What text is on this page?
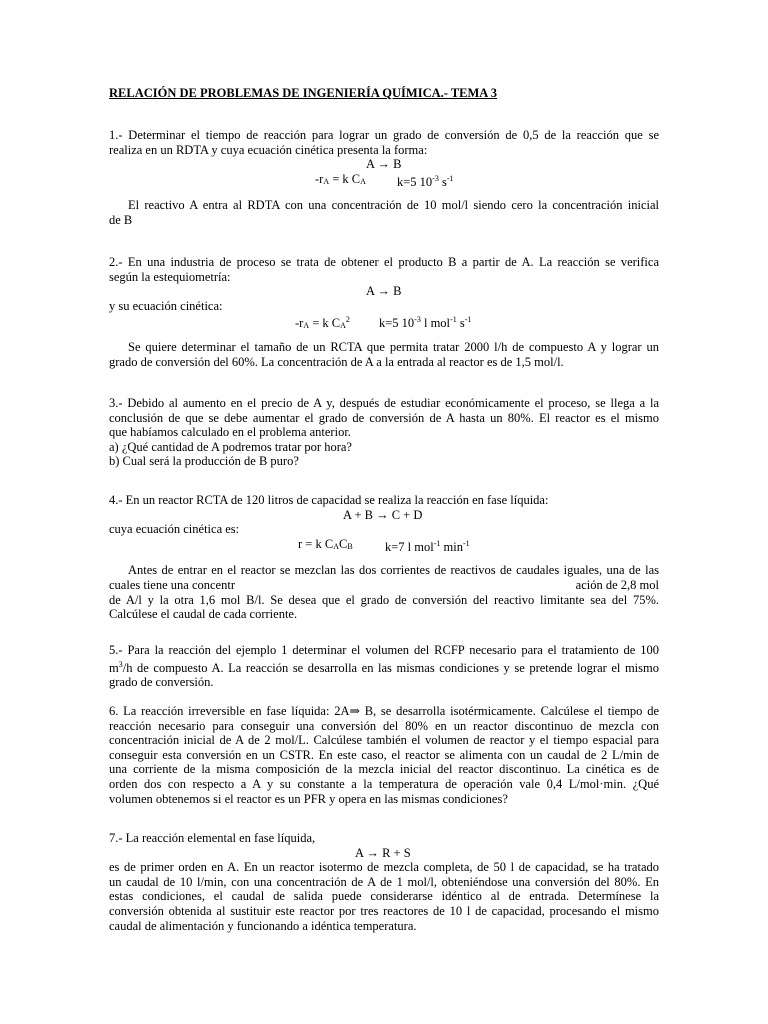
RELACIÓN DE PROBLEMAS DE INGENIERÍA QUÍMICA.- TEMA 3
1.- Determinar el tiempo de reacción para lograr un grado de conversión de 0,5 de la reacción que se
realiza en un RDTA y cuya ecuación cinética presenta la forma:
A → B
-rA = k CA k=5 $10^{-3}$ $s^{-1}$
El reactivo A entra al RDTA con una concentración de 10 mol/l siendo cero la concentración inicial
de B
2.- En una industria de proceso se trata de obtener el producto B a partir de A. La reacción se verifica
según la estequiometría:
A → B
y su ecuación cinética:
-rA = k $CA^2$ k=5 $10^{-3}$ l mol$^{-1}$ $s^{-1}$
Se quiere determinar el tamaño de un RCTA que permita tratar 2000 l/h de compuesto A y lograr un
grado de conversión del 60%. La concentración de A a la entrada al reactor es de 1,5 mol/l.
3.- Debido al aumento en el precio de A y, después de estudiar económicamente el proceso, se llega a la
conclusión de que se debe aumentar el grado de conversión de A hasta un 80%. El reactor es el mismo
que habíamos calculado en el problema anterior.
a) ¿Qué cantidad de A podremos tratar por hora?
b) Cual será la producción de B puro?
4.- En un reactor RCTA de 120 litros de capacidad se realiza la reacción en fase líquida:
A + B → C + D
cuya ecuación cinética es:
r = k CACB	k=7 l mol$^{-1}$ $\min^{-1}$
Antes de entrar en el reactor se mezclan las dos corrientes de reactivos de caudales iguales, una de las
cuales tiene una concentr	ación de 2,8 mol
de A/l y la otra 1,6 mol B/l. Se desea que el grado de conversión del reactivo limitante sea del 75%.
Calcúlese el caudal de cada corriente.
5.- Para la reacción del ejemplo 1 determinar el volumen del RCFP necesario para el tratamiento de 100
$m^3/h$ de compuesto A. La reacción se desarrolla en las mismas condiciones y se pretende lograr el mismo
grado de conversión.
6. La reacción irreversible en fase líquida: 2A⇒ B, se desarrolla isotérmicamente. Calcúlese el tiempo de
reacción necesario para conseguir una conversión del 80% en un reactor discontinuo de mezcla con
concentración inicial de A de 2 mol/L. Calcúlese también el volumen de reactor y el tiempo espacial para
conseguir esta conversión en un CSTR. En este caso, el reactor se alimenta con un caudal de 2 L/min de
una corriente de la misma composición de la mezcla inicial del reactor discontinuo. La cinética es de
orden dos con respecto a A y su constante a la temperatura de operación vale 0,4 L/mol·min. ¿Qué
volumen obtenemos si el reactor es un PFR y opera en las mismas condiciones?
7.- La reacción elemental en fase líquida,
A → R + S
es de primer orden en A. En un reactor isotermo de mezcla completa, de 50 l de capacidad, se ha tratado
un caudal de 10 l/min, con una concentración de A de 1 mol/l, obteniéndose una conversión del 80%. En
estas condiciones, el caudal de salida puede considerarse idéntico al de entrada. Determínese la
conversión obtenida al sustituir este reactor por tres reactores de 10 l de capacidad, procesando el mismo
caudal de alimentación y funcionando a idéntica temperatura.
